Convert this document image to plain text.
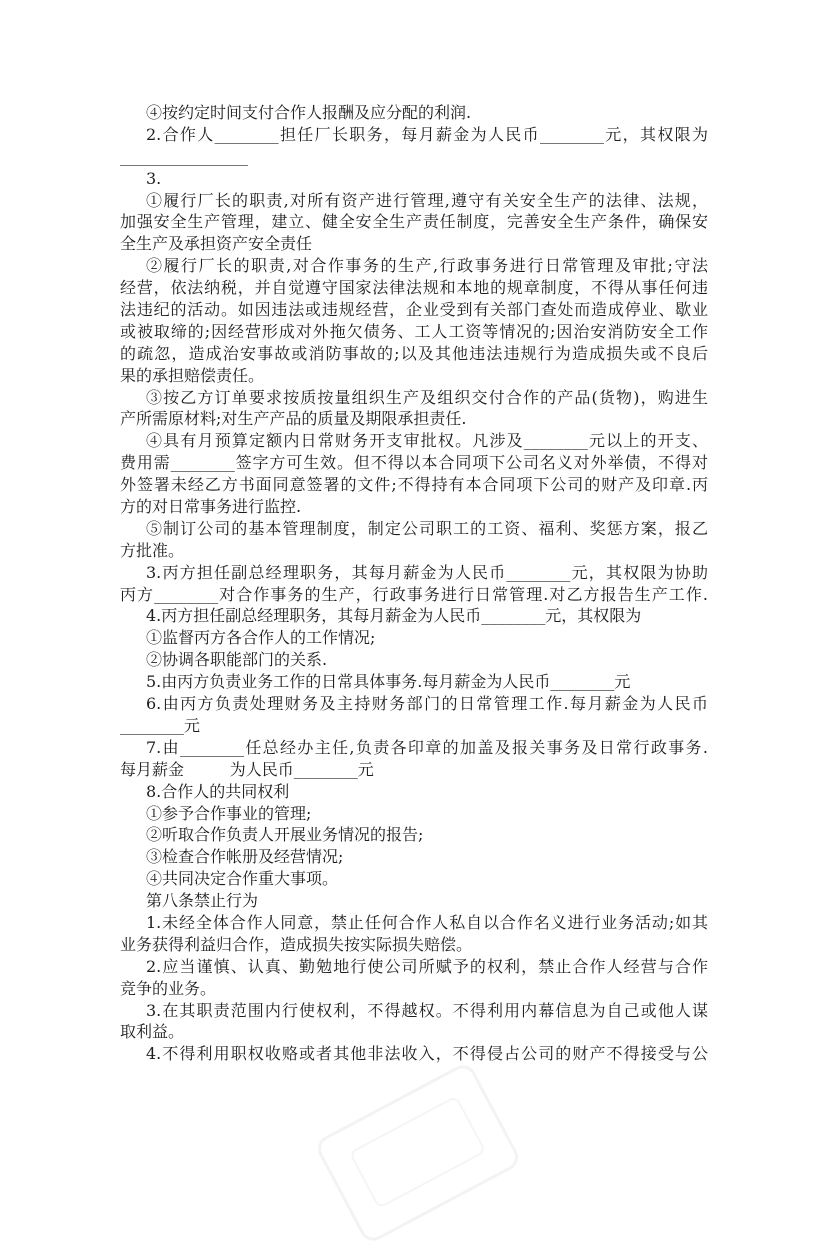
④按约定时间支付合作人报酬及应分配的利润.
2.合作人________担任厂长职务，每月薪金为人民币________元，其权限为
________________
3.
①履行厂长的职责,对所有资产进行管理,遵守有关安全生产的法律、法规，
加强安全生产管理，建立、健全安全生产责任制度，完善安全生产条件，确保安
全生产及承担资产安全责任
②履行厂长的职责,对合作事务的生产,行政事务进行日常管理及审批;守法
经营，依法纳税，并自觉遵守国家法律法规和本地的规章制度，不得从事任何违
法违纪的活动。如因违法或违规经营，企业受到有关部门查处而造成停业、歇业
或被取缔的;因经营形成对外拖欠债务、工人工资等情况的;因治安消防安全工作
的疏忽，造成治安事故或消防事故的;以及其他违法违规行为造成损失或不良后
果的承担赔偿责任。
③按乙方订单要求按质按量组织生产及组织交付合作的产品(货物)，购进生
产所需原材料;对生产产品的质量及期限承担责任.
④具有月预算定额内日常财务开支审批权。凡涉及________元以上的开支、
费用需________签字方可生效。但不得以本合同项下公司名义对外举债，不得对
外签署未经乙方书面同意签署的文件;不得持有本合同项下公司的财产及印章.丙
方的对日常事务进行监控.
⑤制订公司的基本管理制度，制定公司职工的工资、福利、奖惩方案，报乙
方批准。
3.丙方担任副总经理职务，其每月薪金为人民币________元，其权限为协助
丙方________对合作事务的生产，行政事务进行日常管理.对乙方报告生产工作.
4.丙方担任副总经理职务，其每月薪金为人民币________元，其权限为
①监督丙方各合作人的工作情况;
②协调各职能部门的关系.
5.由丙方负责业务工作的日常具体事务.每月薪金为人民币________元
6.由丙方负责处理财务及主持财务部门的日常管理工作.每月薪金为人民币
________元
7.由________任总经办主任,负责各印章的加盖及报关事务及日常行政事务.
每月薪金         为人民币________元
8.合作人的共同权利
①参予合作事业的管理;
②听取合作负责人开展业务情况的报告;
③检查合作帐册及经营情况;
④共同决定合作重大事项。
第八条禁止行为
1.未经全体合作人同意，禁止任何合作人私自以合作名义进行业务活动;如其
业务获得利益归合作，造成损失按实际损失赔偿。
2.应当谨慎、认真、勤勉地行使公司所赋予的权利，禁止合作人经营与合作
竞争的业务。
3.在其职责范围内行使权利，不得越权。不得利用内幕信息为自己或他人谋
取利益。
4.不得利用职权收赂或者其他非法收入，不得侵占公司的财产不得接受与公
